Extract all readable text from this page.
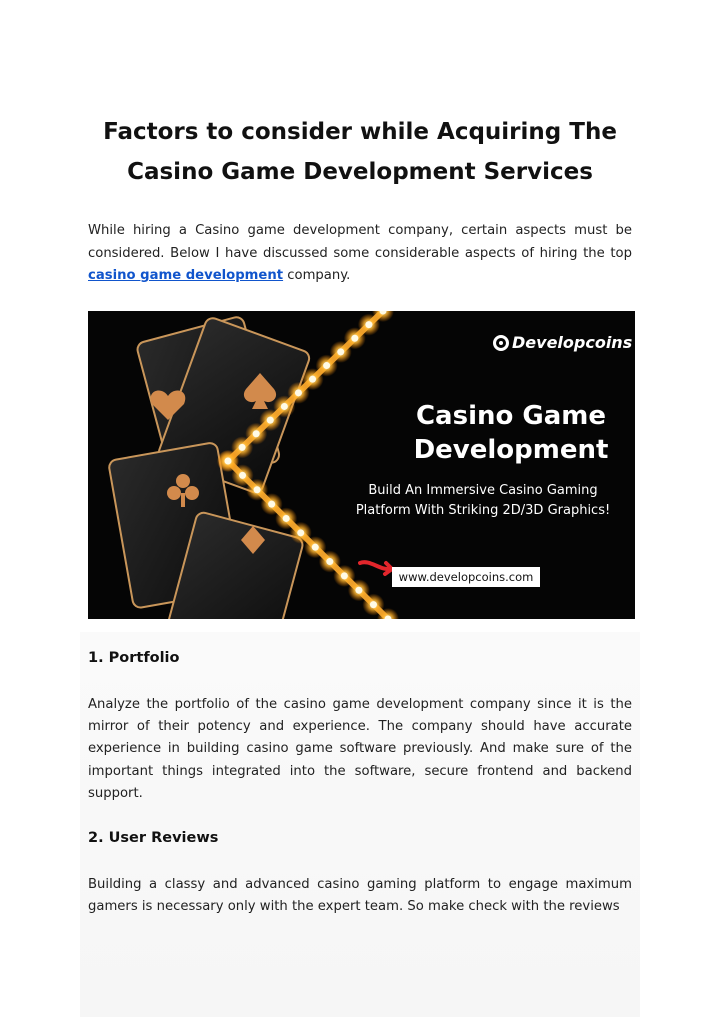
Factors to consider while Acquiring The
Casino Game Development Services
While hiring a Casino game development company, certain aspects must be considered. Below I have discussed some considerable aspects of hiring the top casino game development company.
Developcoins
Casino Game
Development
Build An Immersive Casino Gaming
Platform With Striking 2D/3D Graphics!
www.developcoins.com
1. Portfolio
Analyze the portfolio of the casino game development company since it is the mirror of their potency and experience. The company should have accurate experience in building casino game software previously. And make sure of the important things integrated into the software, secure frontend and backend support.
2. User Reviews
Building a classy and advanced casino gaming platform to engage maximum gamers is necessary only with the expert team. So make check with the reviews
